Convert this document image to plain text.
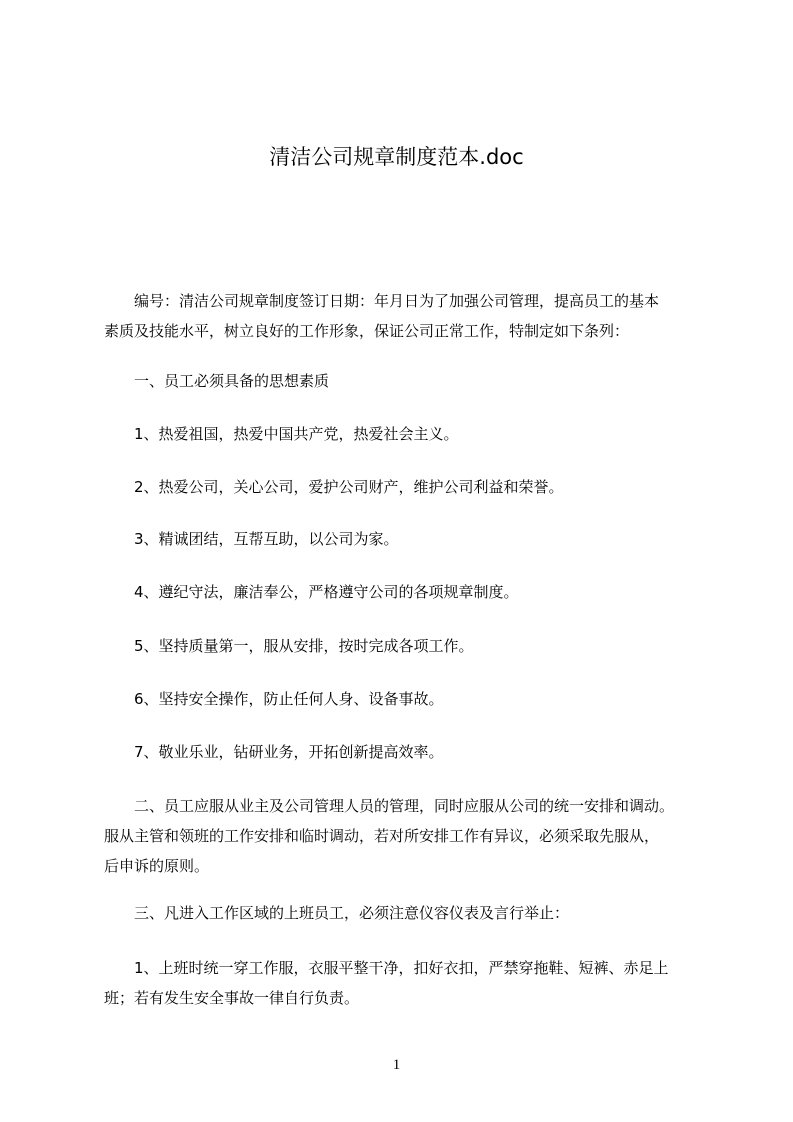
清洁公司规章制度范本.doc
　　编号：清洁公司规章制度签订日期：年月日为了加强公司管理，提高员工的基本
素质及技能水平，树立良好的工作形象，保证公司正常工作，特制定如下条列：
　　一、员工必须具备的思想素质
　　1、热爱祖国，热爱中国共产党，热爱社会主义。
　　2、热爱公司，关心公司，爱护公司财产，维护公司利益和荣誉。
　　3、精诚团结，互帮互助，以公司为家。
　　4、遵纪守法，廉洁奉公，严格遵守公司的各项规章制度。
　　5、坚持质量第一，服从安排，按时完成各项工作。
　　6、坚持安全操作，防止任何人身、设备事故。
　　7、敬业乐业，钻研业务，开拓创新提高效率。
　　二、员工应服从业主及公司管理人员的管理，同时应服从公司的统一安排和调动。
服从主管和领班的工作安排和临时调动，若对所安排工作有异议，必须采取先服从，
后申诉的原则。
　　三、凡进入工作区域的上班员工，必须注意仪容仪表及言行举止：
　　1、上班时统一穿工作服，衣服平整干净，扣好衣扣，严禁穿拖鞋、短裤、赤足上
班；若有发生安全事故一律自行负责。
1
